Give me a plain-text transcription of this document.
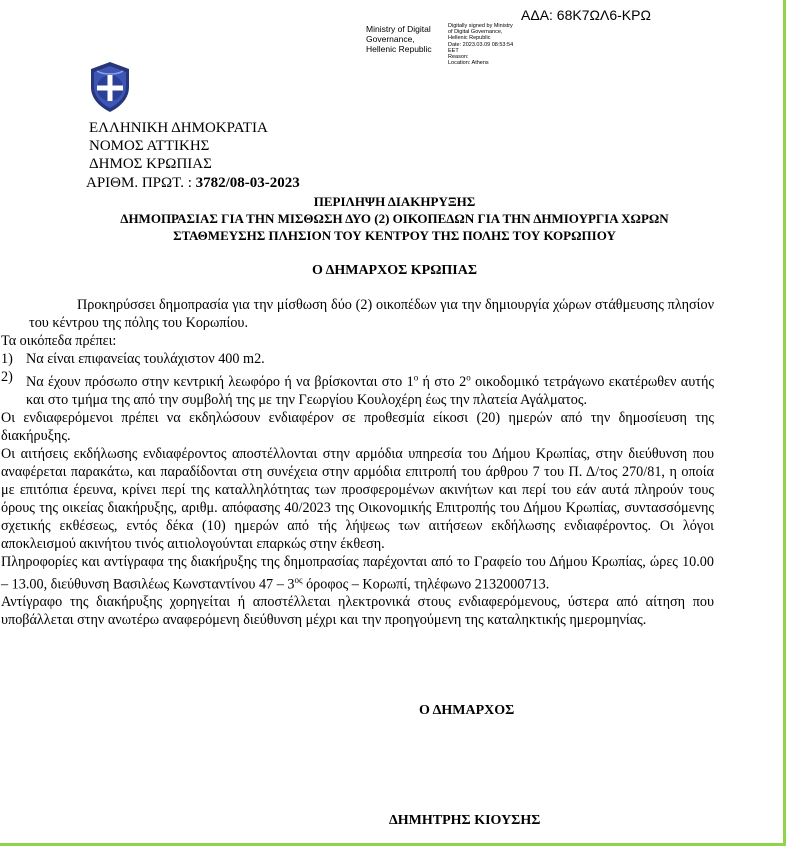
ΑΔΑ: 68Κ7ΩΛ6-ΚΡΩ
Ministry of Digital
Governance,
Hellenic Republic
Digitally signed by Ministry
of Digital Governance,
Hellenic Republic
Date: 2023.03.09 08:53:54
EET
Reason:
Location: Athens
ΕΛΛΗΝΙΚΗ ΔΗΜΟΚΡΑΤΙΑ
ΝΟΜΟΣ ΑΤΤΙΚΗΣ
ΔΗΜΟΣ ΚΡΩΠΙΑΣ
ΑΡΙΘΜ. ΠΡΩΤ. : 3782/08-03-2023
ΠΕΡΙΛΗΨΗ ΔΙΑΚΗΡΥΞΗΣ
ΔΗΜΟΠΡΑΣΙΑΣ ΓΙΑ ΤΗΝ ΜΙΣΘΩΣΗ ΔΥΟ (2) ΟΙΚΟΠΕΔΩΝ ΓΙΑ ΤΗΝ ΔΗΜΙΟΥΡΓΙΑ ΧΩΡΩΝ
ΣΤΑΘΜΕΥΣΗΣ ΠΛΗΣΙΟΝ ΤΟΥ ΚΕΝΤΡΟΥ ΤΗΣ ΠΟΛΗΣ ΤΟΥ ΚΟΡΩΠΙΟΥ
Ο ΔΗΜΑΡΧΟΣ ΚΡΩΠΙΑΣ

Προκηρύσσει δημοπρασία για την μίσθωση δύο (2) οικοπέδων για την δημιουργία χώρων στάθμευσης πλησίον του κέντρου της πόλης του Κορωπίου.

Τα οικόπεδα πρέπει:

1) Να είναι επιφανείας τουλάχιστον 400 m2.
2) Να έχουν πρόσωπο στην κεντρική λεωφόρο ή να βρίσκονται στο $1^o$ ή στο $2^o$ οικοδομικό τετράγωνο εκατέρωθεν αυτής και στο τμήμα της από την συμβολή της με την Γεωργίου Κουλοχέρη έως την πλατεία Αγάλματος.

Οι ενδιαφερόμενοι πρέπει να εκδηλώσουν ενδιαφέρον σε προθεσμία είκοσι (20) ημερών από την δημοσίευση της διακήρυξης.

Οι αιτήσεις εκδήλωσης ενδιαφέροντος αποστέλλονται στην αρμόδια υπηρεσία του Δήμου Κρωπίας, στην διεύθυνση που αναφέρεται παρακάτω, και παραδίδονται στη συνέχεια στην αρμόδια επιτροπή του άρθρου 7 του Π. Δ/τος 270/81, η οποία με επιτόπια έρευνα, κρίνει περί της καταλληλότητας των προσφερομένων ακινήτων και περί του εάν αυτά πληρούν τους όρους της οικείας διακήρυξης, αριθμ. απόφασης 40/2023 της Οικονομικής Επιτροπής του Δήμου Κρωπίας, συντασσόμενης σχετικής εκθέσεως, εντός δέκα (10) ημερών από τής λήψεως των αιτήσεων εκδήλωσης ενδιαφέροντος. Οι λόγοι αποκλεισμού ακινήτου τινός αιτιολογούνται επαρκώς στην έκθεση.

Πληροφορίες και αντίγραφα της διακήρυξης της δημοπρασίας παρέχονται από το Γραφείο του Δήμου Κρωπίας, ώρες 10.00 – 13.00, διεύθυνση Βασιλέως Κωνσταντίνου $47 - 3^{o\varsigma}$ όροφος – Κορωπί, τηλέφωνο 2132000713.

Αντίγραφο της διακήρυξης χορηγείται ή αποστέλλεται ηλεκτρονικά στους ενδιαφερόμενους, ύστερα από αίτηση που υποβάλλεται στην ανωτέρω αναφερόμενη διεύθυνση μέχρι και την προηγούμενη της καταληκτικής ημερομηνίας.

Ο ΔΗΜΑΡΧΟΣ
ΔΗΜΗΤΡΗΣ ΚΙΟΥΣΗΣ
